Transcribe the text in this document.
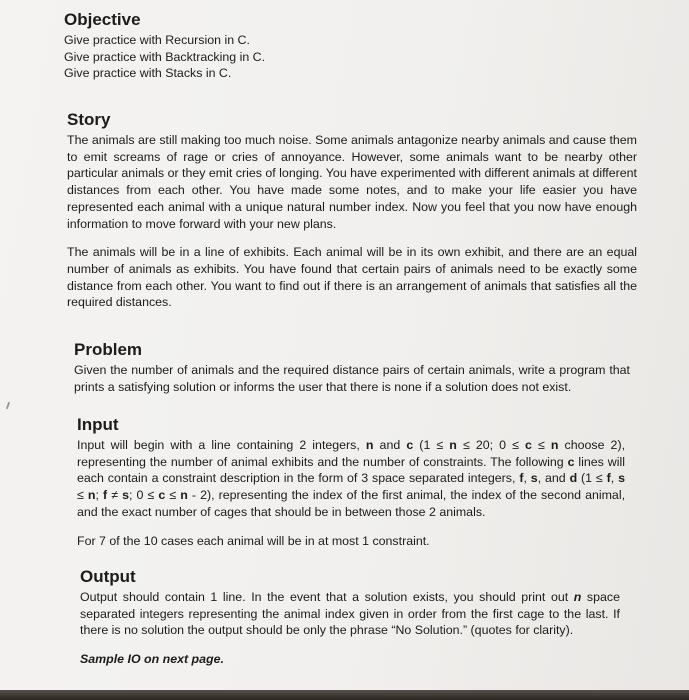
Objective
Give practice with Recursion in C.
Give practice with Backtracking in C.
Give practice with Stacks in C.
Story

The animals are still making too much noise. Some animals antagonize nearby animals and cause them to emit screams of rage or cries of annoyance. However, some animals want to be nearby other particular animals or they emit cries of longing. You have experimented with different animals at different distances from each other. You have made some notes, and to make your life easier you have represented each animal with a unique natural number index. Now you feel that you now have enough information to move forward with your new plans.

The animals will be in a line of exhibits. Each animal will be in its own exhibit, and there are an equal number of animals as exhibits. You have found that certain pairs of animals need to be exactly some distance from each other. You want to find out if there is an arrangement of animals that satisfies all the required distances.

Problem

Given the number of animals and the required distance pairs of certain animals, write a program that prints a satisfying solution or informs the user that there is none if a solution does not exist.

Input

Input will begin with a line containing 2 integers, n and c (1 ≤ n ≤ 20; 0 ≤ c ≤ n choose 2), representing the number of animal exhibits and the number of constraints. The following c lines will each contain a constraint description in the form of 3 space separated integers, f, s, and d (1 ≤ f, s ≤ n; f ≠ s; 0 ≤ c ≤ n - 2), representing the index of the first animal, the index of the second animal, and the exact number of cages that should be in between those 2 animals.

For 7 of the 10 cases each animal will be in at most 1 constraint.

Output

Output should contain 1 line. In the event that a solution exists, you should print out n space separated integers representing the animal index given in order from the first cage to the last. If there is no solution the output should be only the phrase “No Solution.” (quotes for clarity).

Sample IO on next page.
